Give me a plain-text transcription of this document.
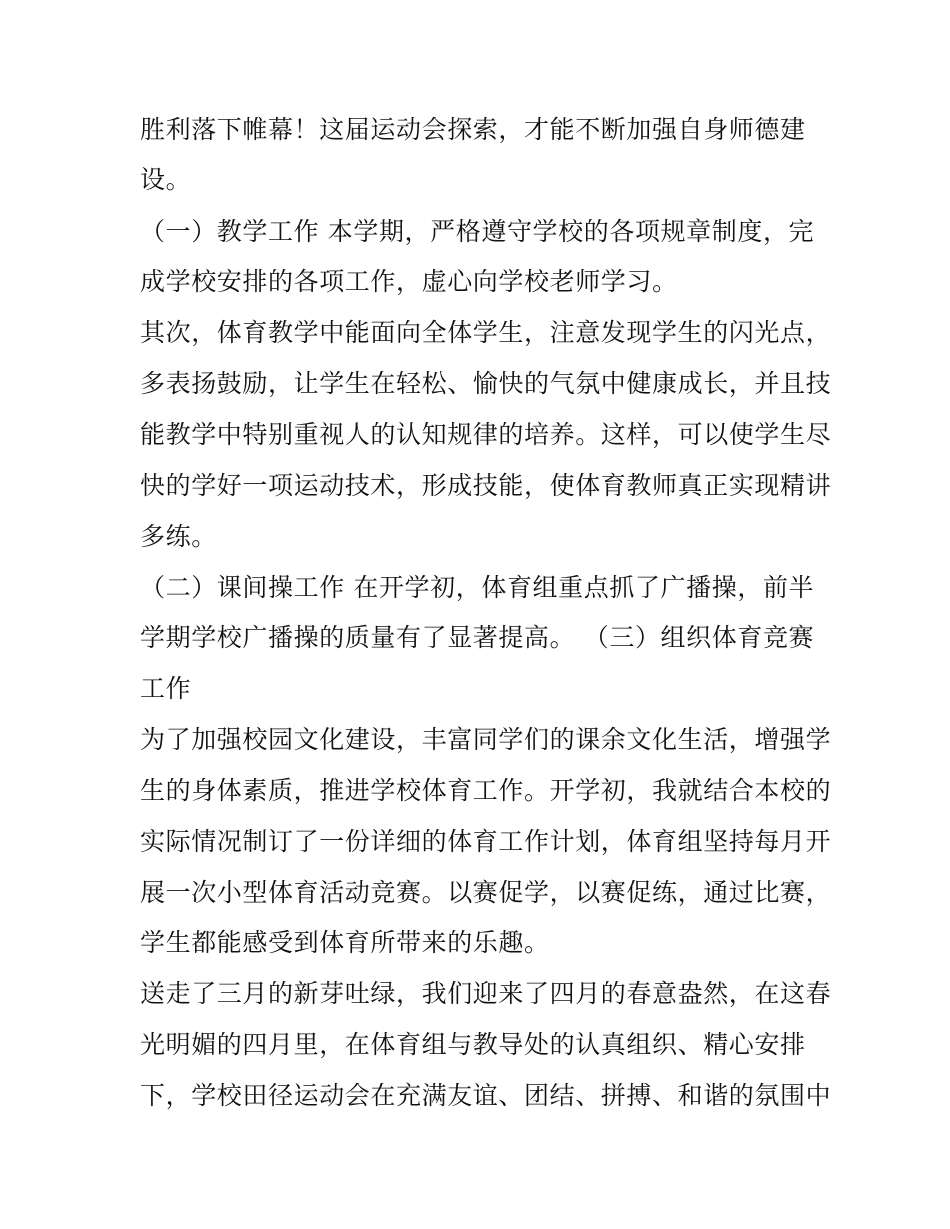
胜利落下帷幕！这届运动会探索，才能不断加强自身师德建
设。
（一）教学工作 本学期，严格遵守学校的各项规章制度，完
成学校安排的各项工作，虚心向学校老师学习。
其次，体育教学中能面向全体学生，注意发现学生的闪光点，
多表扬鼓励，让学生在轻松、愉快的气氛中健康成长，并且技
能教学中特别重视人的认知规律的培养。这样，可以使学生尽
快的学好一项运动技术，形成技能，使体育教师真正实现精讲
多练。
（二）课间操工作 在开学初，体育组重点抓了广播操，前半
学期学校广播操的质量有了显著提高。 （三）组织体育竞赛
工作
为了加强校园文化建设，丰富同学们的课余文化生活，增强学
生的身体素质，推进学校体育工作。开学初，我就结合本校的
实际情况制订了一份详细的体育工作计划，体育组坚持每月开
展一次小型体育活动竞赛。以赛促学，以赛促练，通过比赛，
学生都能感受到体育所带来的乐趣。
送走了三月的新芽吐绿，我们迎来了四月的春意盎然，在这春
光明媚的四月里，在体育组与教导处的认真组织、精心安排
下，学校田径运动会在充满友谊、团结、拼搏、和谐的氛围中
